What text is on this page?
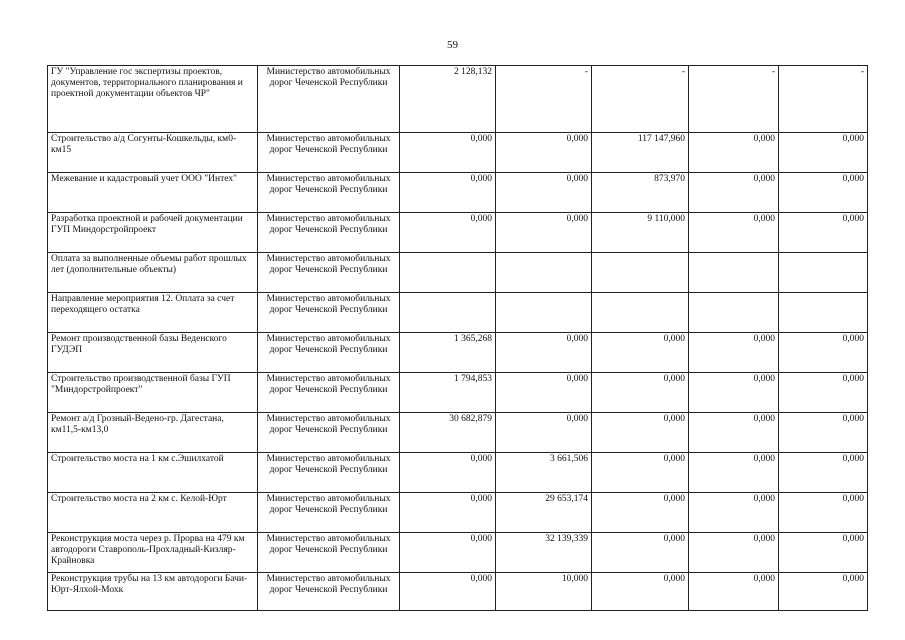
59
ГУ "Управление гос экспертизы проектов, документов, территориального планирования и проектной документации объектов ЧР"	Министерство автомобильных дорог Чеченской Республики	2 128,132	-	-	-	-
Строительство а/д Согунты-Кошкельды, км0-км15	Министерство автомобильных дорог Чеченской Республики	0,000	0,000	117 147,960	0,000	0,000
Межевание и кадастровый учет ООО "Интех"	Министерство автомобильных дорог Чеченской Республики	0,000	0,000	873,970	0,000	0,000
Разработка проектной и рабочей документации ГУП Миндорстройпроект	Министерство автомобильных дорог Чеченской Республики	0,000	0,000	9 110,000	0,000	0,000
Оплата за выполненные объемы работ прошлых лет (дополнительные объекты)	Министерство автомобильных дорог Чеченской Республики					
Направление мероприятия 12. Оплата за счет переходящего остатка	Министерство автомобильных дорог Чеченской Республики					
Ремонт производственной базы Веденского ГУДЭП	Министерство автомобильных дорог Чеченской Республики	1 365,268	0,000	0,000	0,000	0,000
Строительство производственной базы ГУП "Миндорстройпроект"	Министерство автомобильных дорог Чеченской Республики	1 794,853	0,000	0,000	0,000	0,000
Ремонт а/д Грозный-Ведено-гр. Дагестана, км11,5-км13,0	Министерство автомобильных дорог Чеченской Республики	30 682,879	0,000	0,000	0,000	0,000
Строительство моста на 1 км с.Эшилхатой	Министерство автомобильных дорог Чеченской Республики	0,000	3 661,506	0,000	0,000	0,000
Строительство моста на 2 км с. Келой-Юрт	Министерство автомобильных дорог Чеченской Республики	0,000	29 653,174	0,000	0,000	0,000
Реконструкция моста через р. Прорва на 479 км автодороги Ставрополь-Прохладный-Кизляр-Крайновка	Министерство автомобильных дорог Чеченской Республики	0,000	32 139,339	0,000	0,000	0,000
Реконструкция трубы на 13 км автодороги Бачи-Юрт-Ялхой-Мохк	Министерство автомобильных дорог Чеченской Республики	0,000	10,000	0,000	0,000	0,000
